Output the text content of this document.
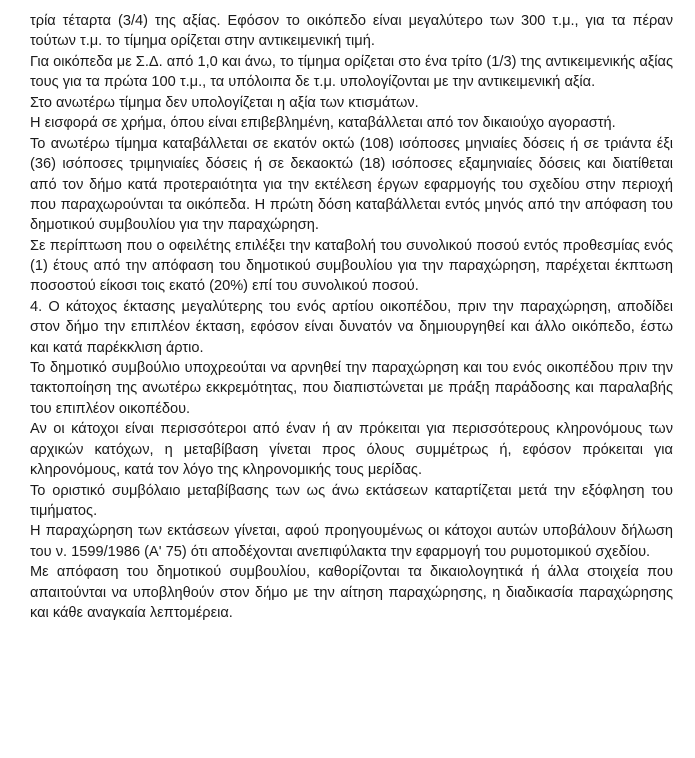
τρία τέταρτα (3/4) της αξίας. Εφόσον το οικόπεδο είναι μεγαλύτερο των 300 τ.μ., για τα πέραν τούτων τ.μ. το τίμημα ορίζεται στην αντικειμενική τιμή.

Για οικόπεδα με Σ.Δ. από 1,0 και άνω, το τίμημα ορίζεται στο ένα τρίτο (1/3) της αντικειμενικής αξίας τους για τα πρώτα 100 τ.μ., τα υπόλοιπα δε τ.μ. υπολογίζονται με την αντικειμενική αξία.

Στο ανωτέρω τίμημα δεν υπολογίζεται η αξία των κτισμάτων.

Η εισφορά σε χρήμα, όπου είναι επιβεβλημένη, καταβάλλεται από τον δικαιούχο αγοραστή.

Το ανωτέρω τίμημα καταβάλλεται σε εκατόν οκτώ (108) ισόποσες μηνιαίες δόσεις ή σε τριάντα έξι (36) ισόποσες τριμηνιαίες δόσεις ή σε δεκαοκτώ (18) ισόποσες εξαμηνιαίες δόσεις και διατίθεται από τον δήμο κατά προτεραιότητα για την εκτέλεση έργων εφαρμογής του σχεδίου στην περιοχή που παραχωρούνται τα οικόπεδα. Η πρώτη δόση καταβάλλεται εντός μηνός από την απόφαση του δημοτικού συμβουλίου για την παραχώρηση.

Σε περίπτωση που ο οφειλέτης επιλέξει την καταβολή του συνολικού ποσού εντός προθεσμίας ενός (1) έτους από την απόφαση του δημοτικού συμβουλίου για την παραχώρηση, παρέχεται έκπτωση ποσοστού είκοσι τοις εκατό (20%) επί του συνολικού ποσού.

4. Ο κάτοχος έκτασης μεγαλύτερης του ενός αρτίου οικοπέδου, πριν την παραχώρηση, αποδίδει στον δήμο την επιπλέον έκταση, εφόσον είναι δυνατόν να δημιουργηθεί και άλλο οικόπεδο, έστω και κατά παρέκκλιση άρτιο.

Το δημοτικό συμβούλιο υποχρεούται να αρνηθεί την παραχώρηση και του ενός οικοπέδου πριν την τακτοποίηση της ανωτέρω εκκρεμότητας, που διαπιστώνεται με πράξη παράδοσης και παραλαβής του επιπλέον οικοπέδου.

Αν οι κάτοχοι είναι περισσότεροι από έναν ή αν πρόκειται για περισσότερους κληρονόμους των αρχικών κατόχων, η μεταβίβαση γίνεται προς όλους συμμέτρως ή, εφόσον πρόκειται για κληρονόμους, κατά τον λόγο της κληρονομικής τους μερίδας.

Το οριστικό συμβόλαιο μεταβίβασης των ως άνω εκτάσεων καταρτίζεται μετά την εξόφληση του τιμήματος.

Η παραχώρηση των εκτάσεων γίνεται, αφού προηγουμένως οι κάτοχοι αυτών υποβάλουν δήλωση του ν. 1599/1986 (Α' 75) ότι αποδέχονται ανεπιφύλακτα την εφαρμογή του ρυμοτομικού σχεδίου.

Με απόφαση του δημοτικού συμβουλίου, καθορίζονται τα δικαιολογητικά ή άλλα στοιχεία που απαιτούνται να υποβληθούν στον δήμο με την αίτηση παραχώρησης, η διαδικασία παραχώρησης και κάθε αναγκαία λεπτομέρεια.
